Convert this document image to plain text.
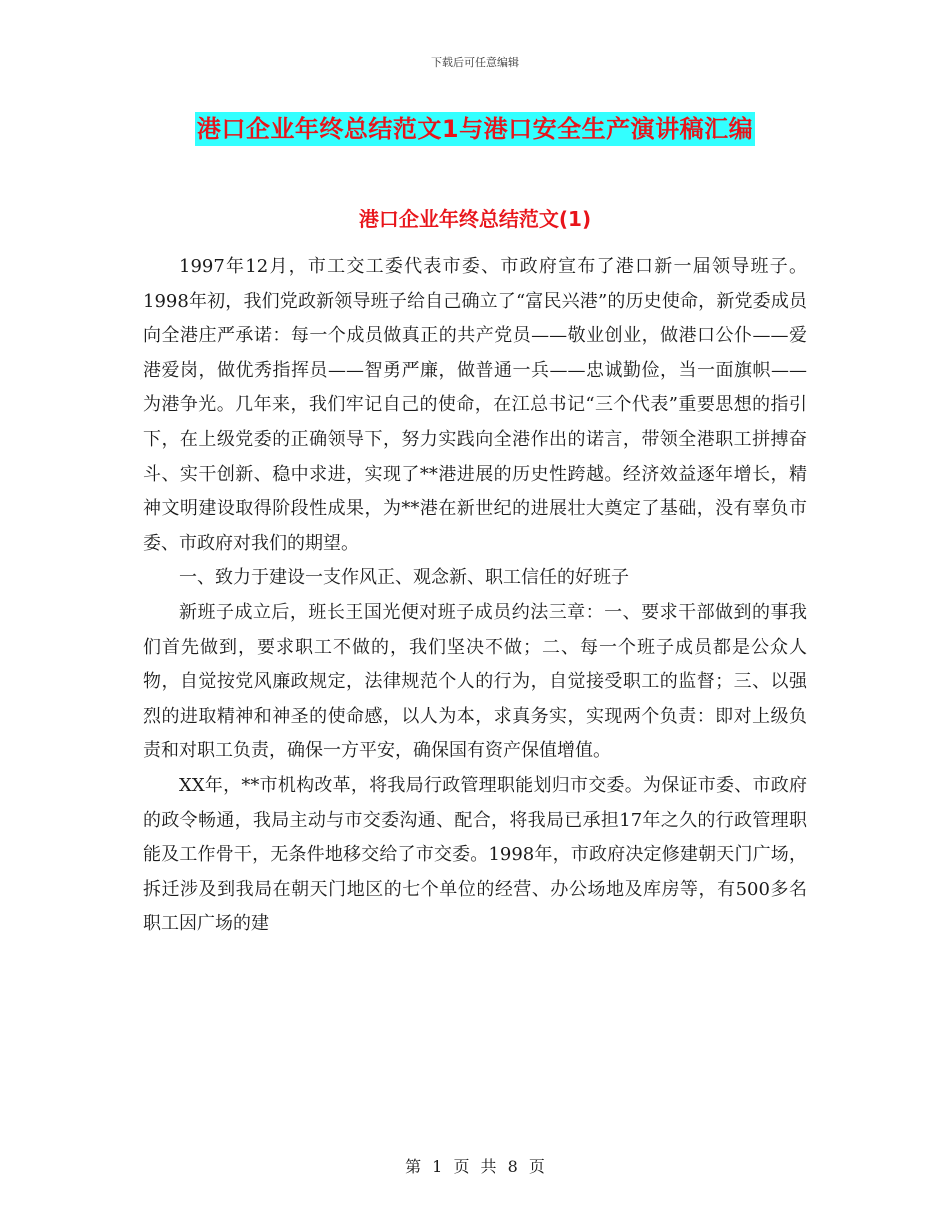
下载后可任意编辑
港口企业年终总结范文1与港口安全生产演讲稿汇编
港口企业年终总结范文(1)

1997年12月，市工交工委代表市委、市政府宣布了港口新一届领导班子。1998年初，我们党政新领导班子给自己确立了“富民兴港”的历史使命，新党委成员向全港庄严承诺：每一个成员做真正的共产党员——敬业创业，做港口公仆——爱港爱岗，做优秀指挥员——智勇严廉，做普通一兵——忠诚勤俭，当一面旗帜——为港争光。几年来，我们牢记自己的使命，在江总书记“三个代表”重要思想的指引下，在上级党委的正确领导下，努力实践向全港作出的诺言，带领全港职工拼搏奋斗、实干创新、稳中求进，实现了**港进展的历史性跨越。经济效益逐年增长，精神文明建设取得阶段性成果，为**港在新世纪的进展壮大奠定了基础，没有辜负市委、市政府对我们的期望。

一、致力于建设一支作风正、观念新、职工信任的好班子

新班子成立后，班长王国光便对班子成员约法三章：一、要求干部做到的事我们首先做到，要求职工不做的，我们坚决不做；二、每一个班子成员都是公众人物，自觉按党风廉政规定，法律规范个人的行为，自觉接受职工的监督；三、以强烈的进取精神和神圣的使命感，以人为本，求真务实，实现两个负责：即对上级负责和对职工负责，确保一方平安，确保国有资产保值增值。

XX年，**市机构改革，将我局行政管理职能划归市交委。为保证市委、市政府的政令畅通，我局主动与市交委沟通、配合，将我局已承担17年之久的行政管理职能及工作骨干，无条件地移交给了市交委。1998年，市政府决定修建朝天门广场，拆迁涉及到我局在朝天门地区的七个单位的经营、办公场地及库房等，有500多名职工因广场的建

第 1 页 共 8 页
